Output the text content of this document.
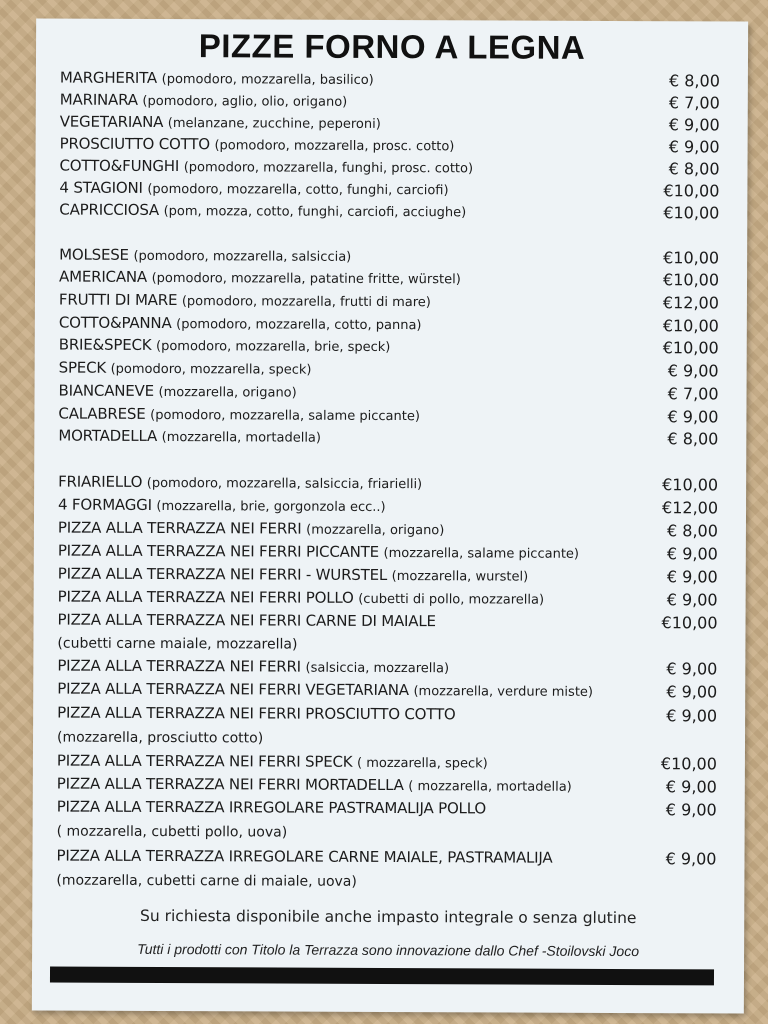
PIZZE FORNO A LEGNA
MARGHERITA (pomodoro, mozzarella, basilico)	€ 8,00
MARINARA (pomodoro, aglio, olio, origano)	€ 7,00
VEGETARIANA (melanzane, zucchine, peperoni)	€ 9,00
PROSCIUTTO COTTO (pomodoro, mozzarella, prosc. cotto)	€ 9,00
COTTO&FUNGHI (pomodoro, mozzarella, funghi, prosc. cotto)	€ 8,00
4 STAGIONI (pomodoro, mozzarella, cotto, funghi, carciofi)	€10,00
CAPRICCIOSA (pom, mozza, cotto, funghi, carciofi, acciughe)	€10,00
MOLSESE (pomodoro, mozzarella, salsiccia)	€10,00
AMERICANA (pomodoro, mozzarella, patatine fritte, würstel)	€10,00
FRUTTI DI MARE (pomodoro, mozzarella, frutti di mare)	€12,00
COTTO&PANNA (pomodoro, mozzarella, cotto, panna)	€10,00
BRIE&SPECK (pomodoro, mozzarella, brie, speck)	€10,00
SPECK (pomodoro, mozzarella, speck)	€ 9,00
BIANCANEVE (mozzarella, origano)	€ 7,00
CALABRESE (pomodoro, mozzarella, salame piccante)	€ 9,00
MORTADELLA (mozzarella, mortadella)	€ 8,00
FRIARIELLO (pomodoro, mozzarella, salsiccia, friarielli)	€10,00
4 FORMAGGI (mozzarella, brie, gorgonzola ecc..)	€12,00
PIZZA ALLA TERRAZZA NEI FERRI (mozzarella, origano)	€ 8,00
PIZZA ALLA TERRAZZA NEI FERRI PICCANTE (mozzarella, salame piccante)	€ 9,00
PIZZA ALLA TERRAZZA NEI FERRI - WURSTEL (mozzarella, wurstel)	€ 9,00
PIZZA ALLA TERRAZZA NEI FERRI POLLO (cubetti di pollo, mozzarella)	€ 9,00
PIZZA ALLA TERRAZZA NEI FERRI CARNE DI MAIALE	€10,00
(cubetti carne maiale, mozzarella)
PIZZA ALLA TERRAZZA NEI FERRI (salsiccia, mozzarella)	€ 9,00
PIZZA ALLA TERRAZZA NEI FERRI VEGETARIANA (mozzarella, verdure miste)	€ 9,00
PIZZA ALLA TERRAZZA NEI FERRI PROSCIUTTO COTTO	€ 9,00
(mozzarella, prosciutto cotto)
PIZZA ALLA TERRAZZA NEI FERRI SPECK ( mozzarella, speck)	€10,00
PIZZA ALLA TERRAZZA NEI FERRI MORTADELLA ( mozzarella, mortadella)	€ 9,00
PIZZA ALLA TERRAZZA IRREGOLARE PASTRAMALIJA POLLO	€ 9,00
( mozzarella, cubetti pollo, uova)
PIZZA ALLA TERRAZZA IRREGOLARE CARNE MAIALE, PASTRAMALIJA	€ 9,00
(mozzarella, cubetti carne di maiale, uova)
Su richiesta disponibile anche impasto integrale o senza glutine
Tutti i prodotti con Titolo la Terrazza sono innovazione dallo Chef -Stoilovski Joco
